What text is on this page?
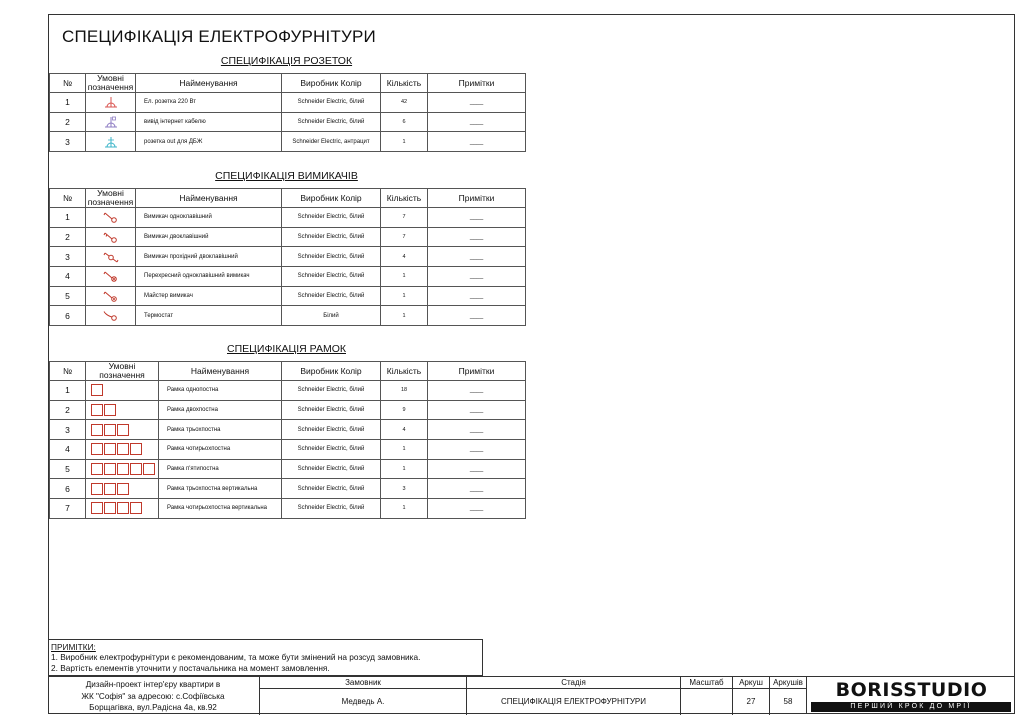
СПЕЦИФІКАЦІЯ ЕЛЕКТРОФУРНІТУРИ
СПЕЦИФІКАЦІЯ РОЗЕТОК
№	Умовні позначення	Найменування	Виробник Колір	Кількість	Примітки
1		Ел. розетка 220 Вт	Schneider Electric, білий	42	____
2		вивід інтернет кабелю	Schneider Electric, білий	6	____
3		розетка out для ДБЖ	Schneider Electric, антрацит	1	____
СПЕЦИФІКАЦІЯ ВИМИКАЧІВ
№	Умовні позначення	Найменування	Виробник Колір	Кількість	Примітки
1		Вимикач одноклавішний	Schneider Electric, білий	7	____
2		Вимикач двоклавішний	Schneider Electric, білий	7	____
3		Вимикач прохідний двоклавішний	Schneider Electric, білий	4	____
4		Перехресний одноклавішний вимикач	Schneider Electric, білий	1	____
5		Майстер вимикач	Schneider Electric, білий	1	____
6		Термостат	Білий	1	____
СПЕЦИФІКАЦІЯ РАМОК
№	Умовні позначення	Найменування	Виробник Колір	Кількість	Примітки
1		Рамка однопостна	Schneider Electric, білий	18	____
2		Рамка двохпостна	Schneider Electric, білий	9	____
3		Рамка трьохпостна	Schneider Electric, білий	4	____
4		Рамка чотирьохпостна	Schneider Electric, білий	1	____
5		Рамка п'ятипостна	Schneider Electric, білий	1	____
6		Рамка трьохпостна вертикальна	Schneider Electric, білий	3	____
7		Рамка чотирьохпостна вертикальна	Schneider Electric, білий	1	____
ПРИМІТКИ:
1. Виробник електрофурнітури є рекомендованим, та може бути змінений на розсуд замовника.
2. Вартість елементів уточнити у постачальника на момент замовлення.
Дизайн-проект інтер'єру квартири в
ЖК "Софія" за адресою: с.Софіївська
Борщагівка, вул.Радісна 4а, кв.92
Замовник
Медведь А.
Стадія
СПЕЦИФІКАЦІЯ ЕЛЕКТРОФУРНІТУРИ
Масштаб	Аркуш
27
Аркушів
58
BORISSTUDIO
ПЕРШИЙ КРОК ДО МРІЇ
